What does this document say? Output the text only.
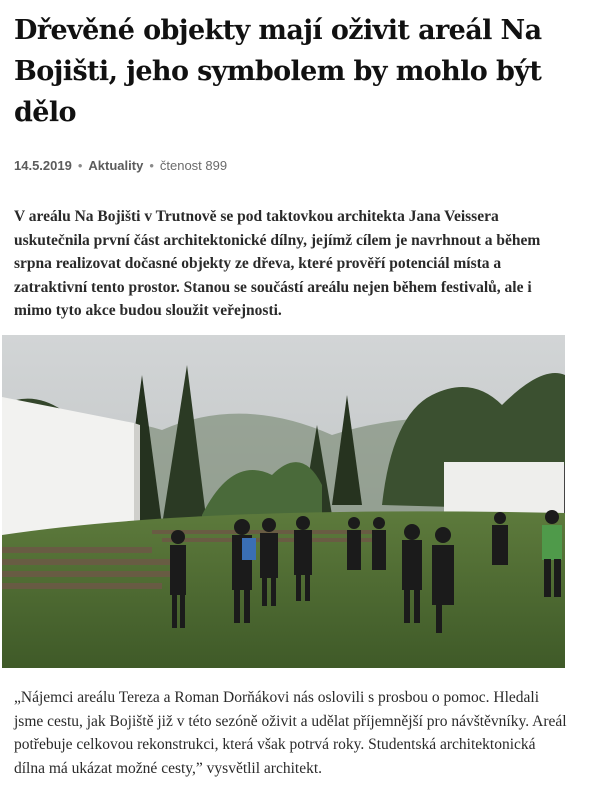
Dřevěné objekty mají oživit areál Na Bojišti, jeho symbolem by mohlo být dělo
14.5.2019 • Aktuality • čtenost 899

V areálu Na Bojišti v Trutnově se pod taktovkou architekta Jana Veissera uskutečnila první část architektonické dílny, jejímž cílem je navrhnout a během srpna realizovat dočasné objekty ze dřeva, které prověří potenciál místa a zatraktivní tento prostor. Stanou se součástí areálu nejen během festivalů, ale i mimo tyto akce budou sloužit veřejnosti.

„Nájemci areálu Tereza a Roman Dorňákovi nás oslovili s prosbou o pomoc. Hledali jsme cestu, jak Bojiště již v této sezóně oživit a udělat příjemnější pro návštěvníky. Areál potřebuje celkovou rekonstrukci, která však potrvá roky. Studentská architektonická dílna má ukázat možné cesty,” vysvětlil architekt.
